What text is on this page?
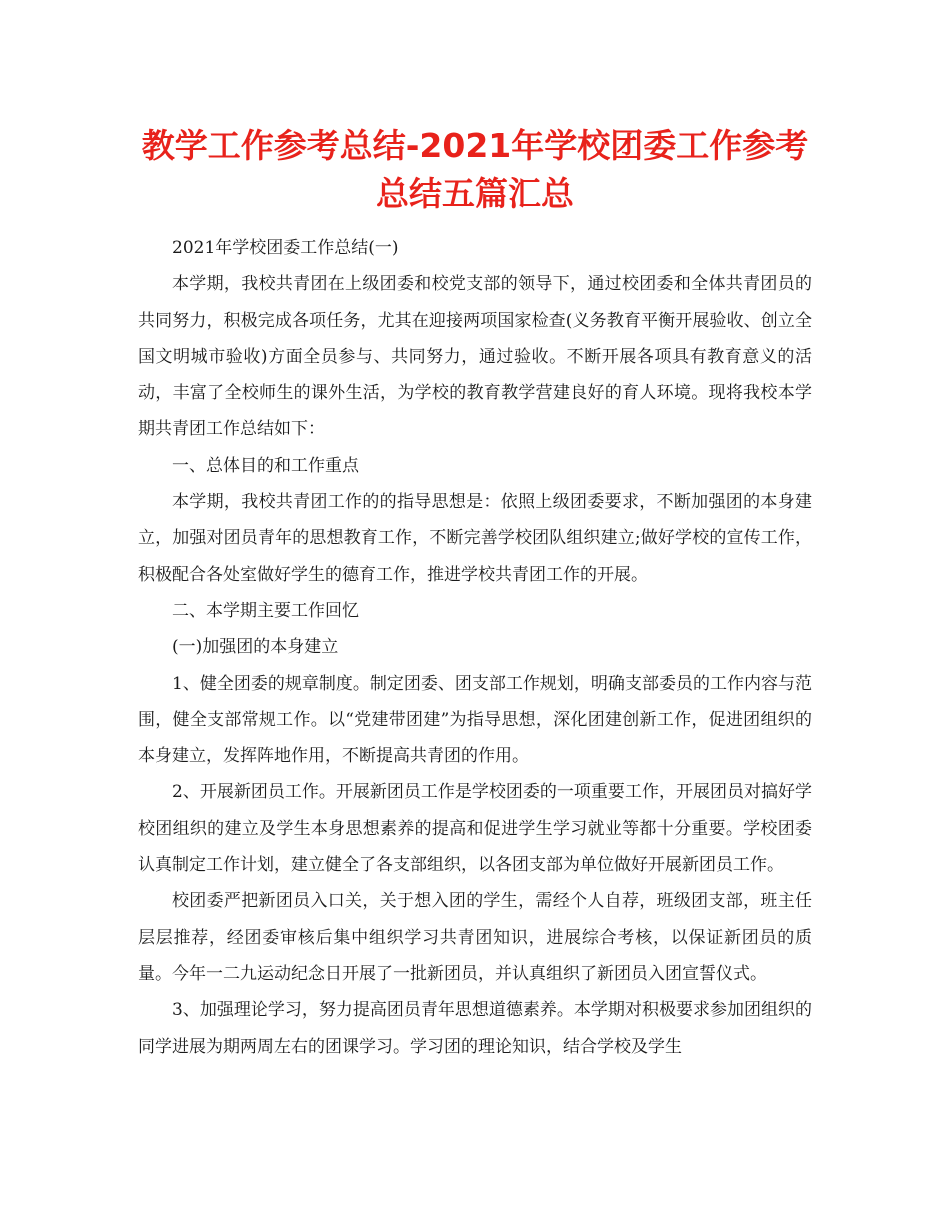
教学工作参考总结-2021年学校团委工作参考总结五篇汇总

2021年学校团委工作总结(一)

本学期，我校共青团在上级团委和校党支部的领导下，通过校团委和全体共青团员的共同努力，积极完成各项任务，尤其在迎接两项国家检查(义务教育平衡开展验收、创立全国文明城市验收)方面全员参与、共同努力，通过验收。不断开展各项具有教育意义的活动，丰富了全校师生的课外生活，为学校的教育教学营建良好的育人环境。现将我校本学期共青团工作总结如下：

一、总体目的和工作重点

本学期，我校共青团工作的的指导思想是：依照上级团委要求，不断加强团的本身建立，加强对团员青年的思想教育工作，不断完善学校团队组织建立;做好学校的宣传工作，积极配合各处室做好学生的德育工作，推进学校共青团工作的开展。

二、本学期主要工作回忆

(一)加强团的本身建立

1、健全团委的规章制度。制定团委、团支部工作规划，明确支部委员的工作内容与范围，健全支部常规工作。以“党建带团建”为指导思想，深化团建创新工作，促进团组织的本身建立，发挥阵地作用，不断提高共青团的作用。

2、开展新团员工作。开展新团员工作是学校团委的一项重要工作，开展团员对搞好学校团组织的建立及学生本身思想素养的提高和促进学生学习就业等都十分重要。学校团委认真制定工作计划，建立健全了各支部组织，以各团支部为单位做好开展新团员工作。

校团委严把新团员入口关，关于想入团的学生，需经个人自荐，班级团支部，班主任层层推荐，经团委审核后集中组织学习共青团知识，进展综合考核，以保证新团员的质量。今年一二九运动纪念日开展了一批新团员，并认真组织了新团员入团宣誓仪式。

3、加强理论学习，努力提高团员青年思想道德素养。本学期对积极要求参加团组织的同学进展为期两周左右的团课学习。学习团的理论知识，结合学校及学生
